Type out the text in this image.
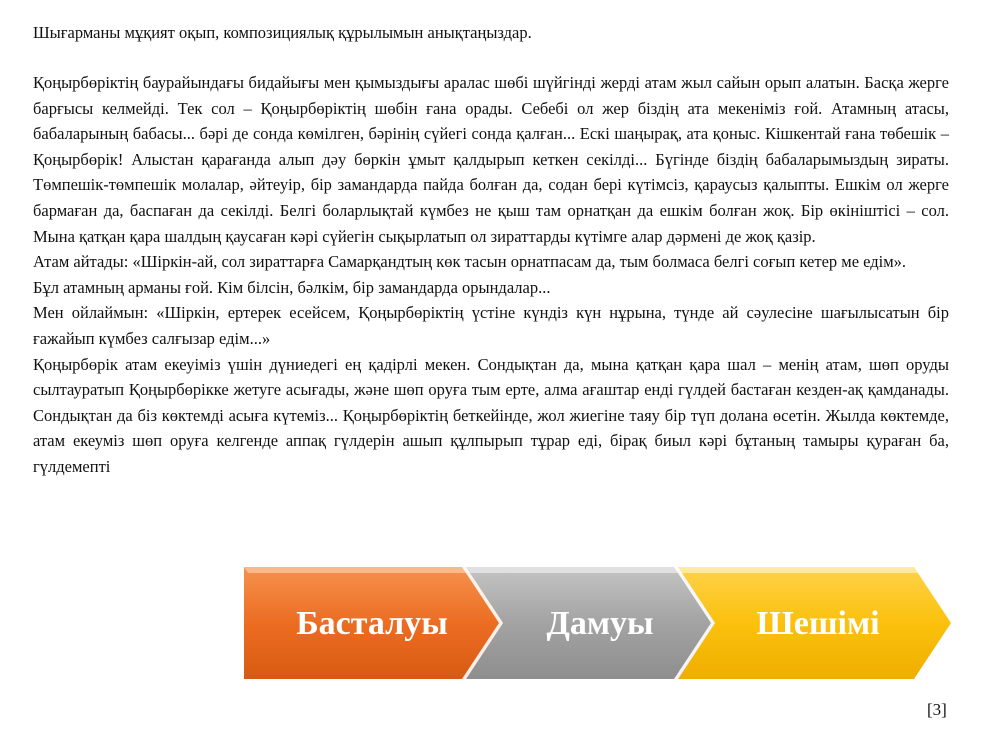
Шығарманы мұқият оқып, композициялық құрылымын анықтаңыздар.

Қоңырбөріктің баурайындағы бидайығы мен қымыздығы аралас шөбі шүйгінді жерді атам жыл сайын орып алатын. Басқа жерге барғысы келмейді. Тек сол – Қоңырбөріктің шөбін ғана орады. Себебі ол жер біздің ата мекеніміз ғой. Атамның атасы, бабаларының бабасы... бәрі де сонда көмілген, бәрінің сүйегі сонда қалған... Ескі шаңырақ, ата қоныс. Кішкентай ғана төбешік – Қоңырбөрік! Алыстан қарағанда алып дәу бөркін ұмыт қалдырып кеткен секілді... Бүгінде біздің бабаларымыздың зираты. Төмпешік-төмпешік молалар, әйтеуір, бір замандарда пайда болған да, содан бері күтімсіз, қараусыз қалыпты. Ешкім ол жерге бармаған да, баспаған да секілді. Белгі боларлықтай күмбез не қыш там орнатқан да ешкім болған жоқ. Бір өкініштісі – сол. Мына қатқан қара шалдың қаусаған кәрі сүйегін сықырлатып ол зираттарды күтімге алар дәрмені де жоқ қазір.

Атам айтады: «Шіркін-ай, сол зираттарға Самарқандтың көк тасын орнатпасам да, тым болмаса белгі соғып кетер ме едім».

Бұл атамның арманы ғой. Кім білсін, бәлкім, бір замандарда орындалар...

Мен ойлаймын: «Шіркін, ертерек есейсем, Қоңырбөріктің үстіне күндіз күн нұрына, түнде ай сәулесіне шағылысатын бір ғажайып күмбез салғызар едім...»

Қоңырбөрік атам екеуіміз үшін дүниедегі ең қадірлі мекен. Сондықтан да, мына қатқан қара шал – менің атам, шөп оруды сылтауратып Қоңырбөрікке жетуге асығады, және шөп оруға тым ерте, алма ағаштар енді гүлдей бастаған кезден-ақ қамданады. Сондықтан да біз көктемді асыға күтеміз... Қоңырбөріктің беткейінде, жол жиегіне таяу бір түп долана өсетін. Жылда көктемде, атам екеуміз шөп оруға келгенде аппақ гүлдерін ашып құлпырып тұрар еді, бірақ биыл кәрі бұтаның тамыры қураған ба, гүлдемепті

Басталуы	Дамуы	Шешімі
[3]
